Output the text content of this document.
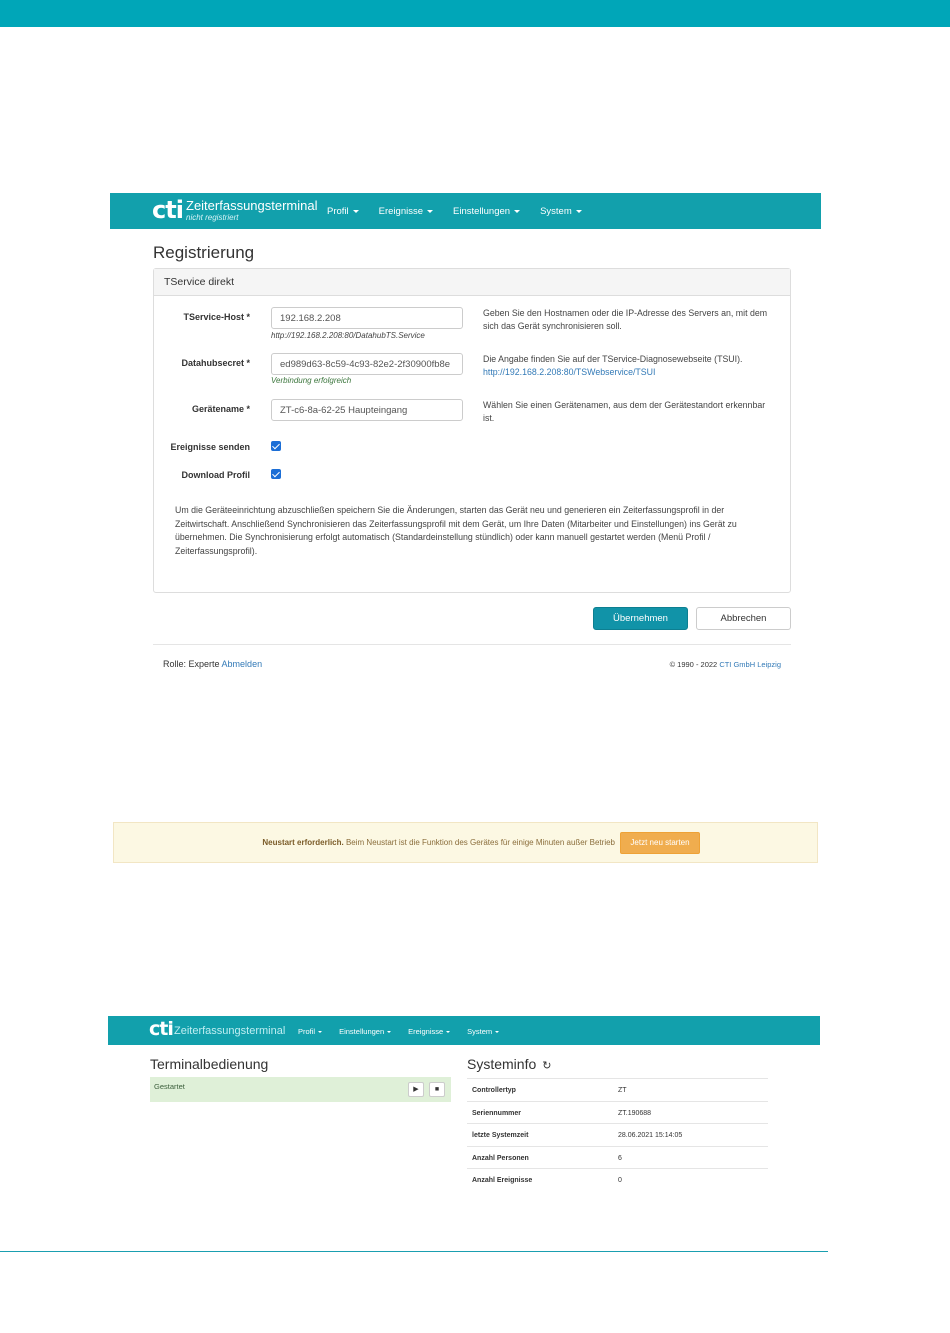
cti Zeiterfassungsterminal
nicht registriert
Profil	Ereignisse	Einstellungen	System
Registrierung
TService direkt
TService-Host *	192.168.2.208
http://192.168.2.208:80/DatahubTS.Service
Geben Sie den Hostnamen oder die IP-Adresse des Servers an, mit dem sich das Gerät synchronisieren soll.
Datahubsecret *	ed989d63-8c59-4c93-82e2-2f30900fb8e
Verbindung erfolgreich
Die Angabe finden Sie auf der TService-Diagnosewebseite (TSUI).
http://192.168.2.208:80/TSWebservice/TSUI
Gerätename *	ZT-c6-8a-62-25 Haupteingang	Wählen Sie einen Gerätenamen, aus dem der Gerätestandort erkennbar ist.
Ereignisse senden
Download Profil
Um die Geräteeinrichtung abzuschließen speichern Sie die Änderungen, starten das Gerät neu und generieren ein Zeiterfassungsprofil in der Zeitwirtschaft. Anschließend Synchronisieren das Zeiterfassungsprofil mit dem Gerät, um Ihre Daten (Mitarbeiter und Einstellungen) ins Gerät zu übernehmen. Die Synchronisierung erfolgt automatisch (Standardeinstellung stündlich) oder kann manuell gestartet werden (Menü Profil / Zeiterfassungsprofil).
Übernehmen	Abbrechen
Rolle: Experte Abmelden	© 1990 - 2022 CTI GmbH Leipzig
Neustart erforderlich. Beim Neustart ist die Funktion des Gerätes für einige Minuten außer Betrieb	Jetzt neu starten
cti Zeiterfassungsterminal Profil	Einstellungen	Ereignisse	System
Terminalbedienung
Gestartet	▶	■
Systeminfo ↻
Controllertyp	ZT
Seriennummer	ZT.190688
letzte Systemzeit	28.06.2021 15:14:05
Anzahl Personen	6
Anzahl Ereignisse	0
